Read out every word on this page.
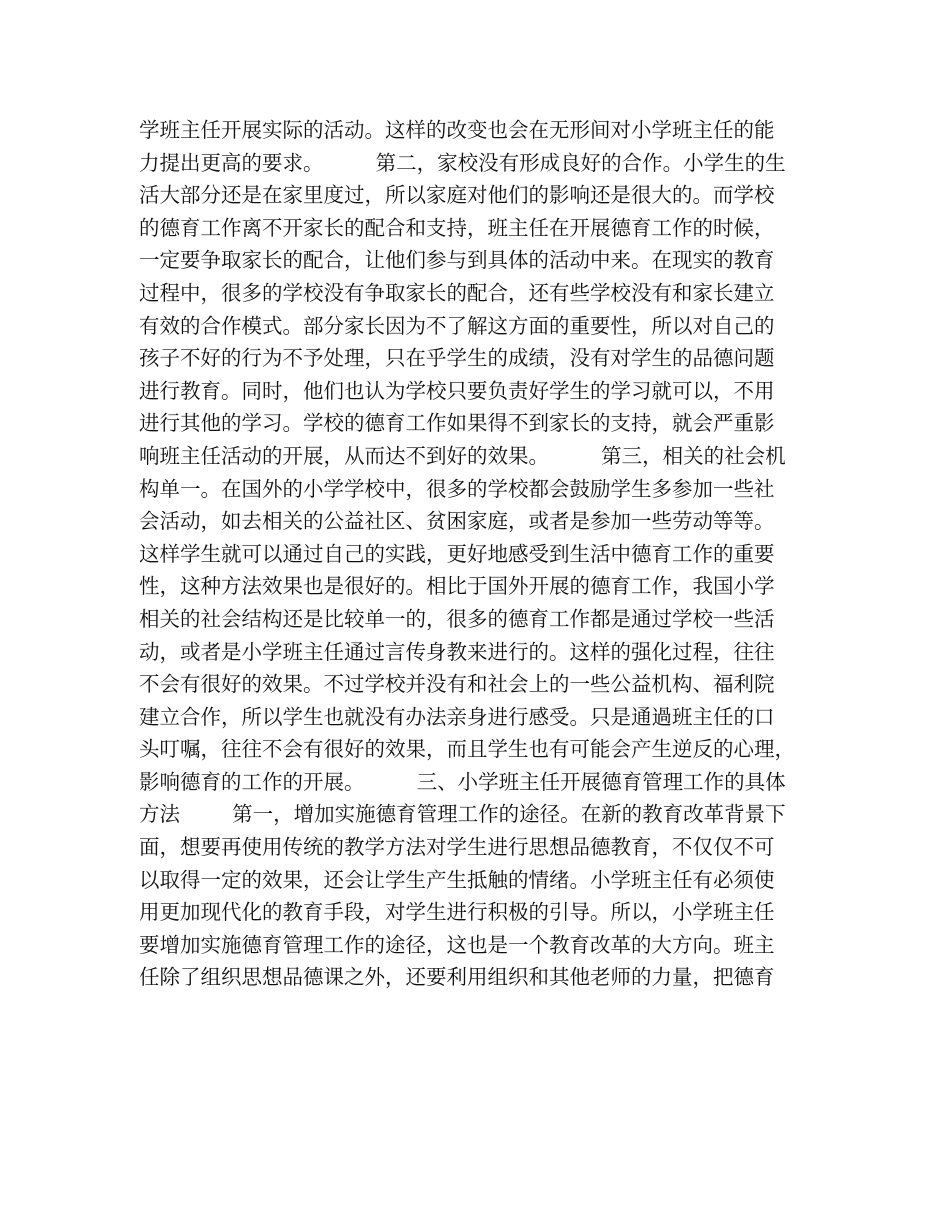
学班主任开展实际的活动。这样的改变也会在无形间对小学班主任的能
力提出更高的要求。        第二，家校没有形成良好的合作。小学生的生
活大部分还是在家里度过，所以家庭对他们的影响还是很大的。而学校
的德育工作离不开家长的配合和支持，班主任在开展德育工作的时候，
一定要争取家长的配合，让他们参与到具体的活动中来。在现实的教育
过程中，很多的学校没有争取家长的配合，还有些学校没有和家长建立
有效的合作模式。部分家长因为不了解这方面的重要性，所以对自己的
孩子不好的行为不予处理，只在乎学生的成绩，没有对学生的品德问题
进行教育。同时，他们也认为学校只要负责好学生的学习就可以，不用
进行其他的学习。学校的德育工作如果得不到家长的支持，就会严重影
响班主任活动的开展，从而达不到好的效果。        第三，相关的社会机
构单一。在国外的小学学校中，很多的学校都会鼓励学生多参加一些社
会活动，如去相关的公益社区、贫困家庭，或者是参加一些劳动等等。
这样学生就可以通过自己的实践，更好地感受到生活中德育工作的重要
性，这种方法效果也是很好的。相比于国外开展的德育工作，我国小学
相关的社会结构还是比较单一的，很多的德育工作都是通过学校一些活
动，或者是小学班主任通过言传身教来进行的。这样的强化过程，往往
不会有很好的效果。不过学校并没有和社会上的一些公益机构、福利院
建立合作，所以学生也就没有办法亲身进行感受。只是通過班主任的口
头叮嘱，往往不会有很好的效果，而且学生也有可能会产生逆反的心理，
影响德育的工作的开展。        三、小学班主任开展德育管理工作的具体
方法        第一，增加实施德育管理工作的途径。在新的教育改革背景下
面，想要再使用传统的教学方法对学生进行思想品德教育，不仅仅不可
以取得一定的效果，还会让学生产生抵触的情绪。小学班主任有必须使
用更加现代化的教育手段，对学生进行积极的引导。所以，小学班主任
要增加实施德育管理工作的途径，这也是一个教育改革的大方向。班主
任除了组织思想品德课之外，还要利用组织和其他老师的力量，把德育
